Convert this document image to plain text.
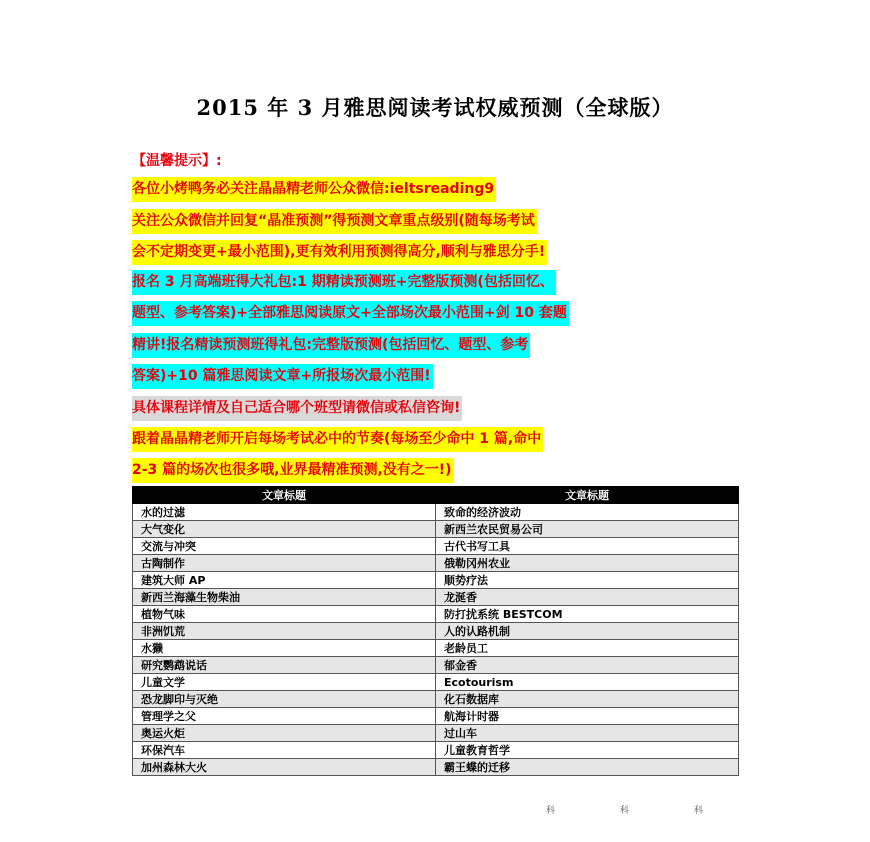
2015 年 3 月雅思阅读考试权威预测（全球版）
【温馨提示】:
各位小烤鸭务必关注晶晶精老师公众微信:ieltsreading9
关注公众微信并回复“晶准预测”得预测文章重点级别(随每场考试
会不定期变更+最小范围),更有效利用预测得高分,顺利与雅思分手!
报名 3 月高端班得大礼包:1 期精读预测班+完整版预测(包括回忆、
题型、参考答案)+全部雅思阅读原文+全部场次最小范围+剑 10 套题
精讲!报名精读预测班得礼包:完整版预测(包括回忆、题型、参考
答案)+10 篇雅思阅读文章+所报场次最小范围!
具体课程详情及自己适合哪个班型请微信或私信咨询!
跟着晶晶精老师开启每场考试必中的节奏(每场至少命中 1 篇,命中
2-3 篇的场次也很多哦,业界最精准预测,没有之一!)
文章标题	文章标题
水的过滤	致命的经济波动
大气变化	新西兰农民贸易公司
交流与冲突	古代书写工具
古陶制作	俄勒冈州农业
建筑大师 AP	顺势疗法
新西兰海藻生物柴油	龙涎香
植物气味	防打扰系统 BESTCOM
非洲饥荒	人的认路机制
水獭	老龄员工
研究鹦鹉说话	郁金香
儿童文学	Ecotourism
恐龙脚印与灭绝	化石数据库
管理学之父	航海计时器
奥运火炬	过山车
环保汽车	儿童教育哲学
加州森林大火	霸王蝶的迁移
科	科	科
